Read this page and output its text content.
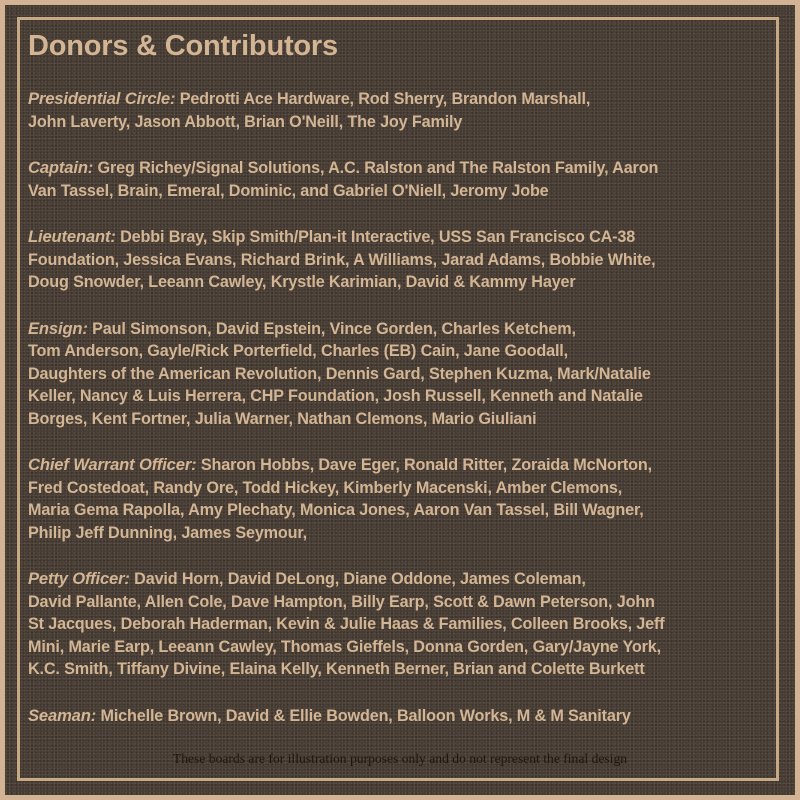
Donors & Contributors
Presidential Circle: Pedrotti Ace Hardware, Rod Sherry, Brandon Marshall,
John Laverty, Jason Abbott, Brian O'Neill, The Joy Family
Captain: Greg Richey/Signal Solutions, A.C. Ralston and The Ralston Family, Aaron
Van Tassel, Brain, Emeral, Dominic, and Gabriel O'Niell, Jeromy Jobe
Lieutenant: Debbi Bray, Skip Smith/Plan-it Interactive, USS San Francisco CA-38
Foundation, Jessica Evans, Richard Brink, A Williams, Jarad Adams, Bobbie White,
Doug Snowder, Leeann Cawley, Krystle Karimian, David & Kammy Hayer
Ensign: Paul Simonson, David Epstein, Vince Gorden, Charles Ketchem,
Tom Anderson, Gayle/Rick Porterfield, Charles (EB) Cain, Jane Goodall,
Daughters of the American Revolution, Dennis Gard, Stephen Kuzma, Mark/Natalie
Keller, Nancy & Luis Herrera, CHP Foundation, Josh Russell, Kenneth and Natalie
Borges, Kent Fortner, Julia Warner, Nathan Clemons, Mario Giuliani
Chief Warrant Officer: Sharon Hobbs, Dave Eger, Ronald Ritter, Zoraida McNorton,
Fred Costedoat, Randy Ore, Todd Hickey, Kimberly Macenski, Amber Clemons,
Maria Gema Rapolla, Amy Plechaty, Monica Jones, Aaron Van Tassel, Bill Wagner,
Philip Jeff Dunning, James Seymour,
Petty Officer: David Horn, David DeLong, Diane Oddone, James Coleman,
David Pallante, Allen Cole, Dave Hampton, Billy Earp, Scott & Dawn Peterson, John
St Jacques, Deborah Haderman, Kevin & Julie Haas & Families, Colleen Brooks, Jeff
Mini, Marie Earp, Leeann Cawley, Thomas Gieffels, Donna Gorden, Gary/Jayne York,
K.C. Smith, Tiffany Divine, Elaina Kelly, Kenneth Berner, Brian and Colette Burkett
Seaman: Michelle Brown, David & Ellie Bowden, Balloon Works, M & M Sanitary
These boards are for illustration purposes only and do not represent the final design
